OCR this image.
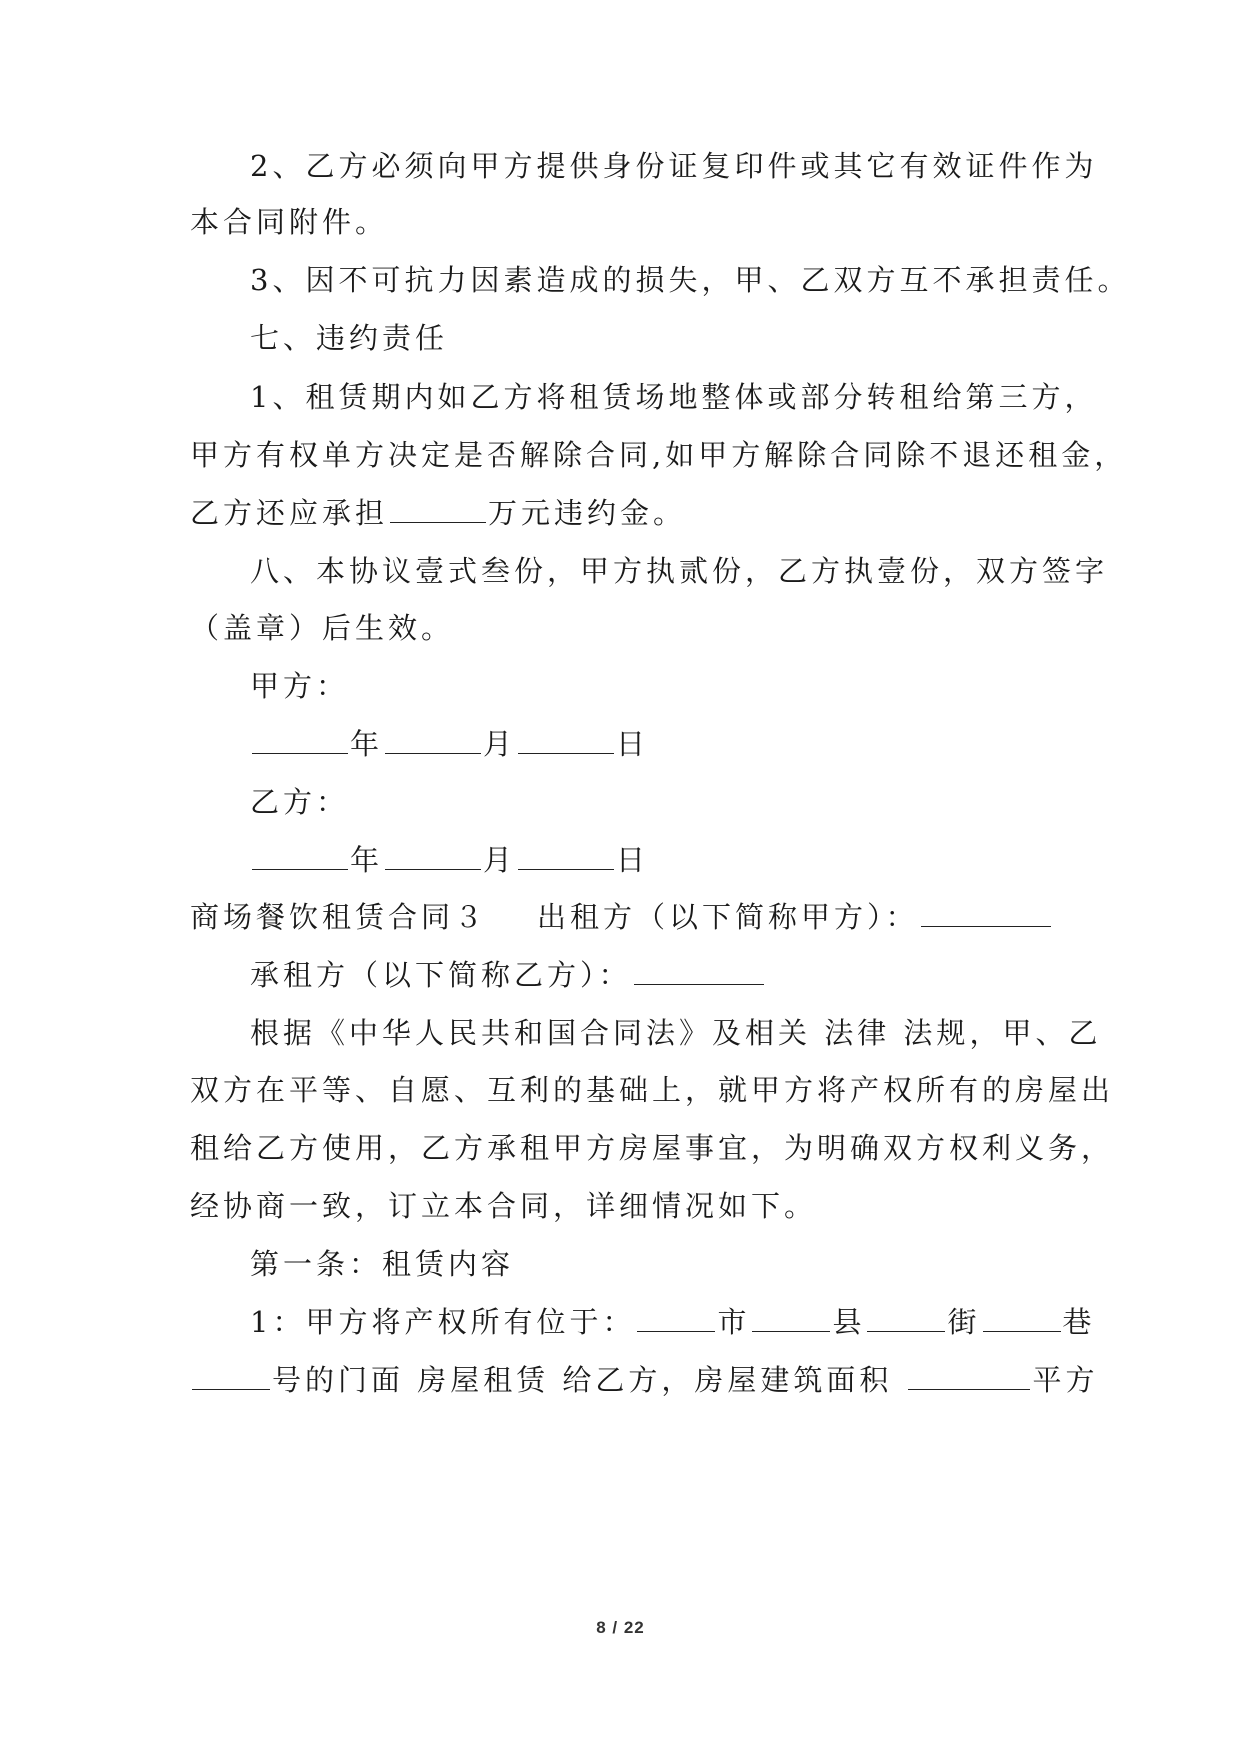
2、乙方必须向甲方提供身份证复印件或其它有效证件作为
本合同附件。
3、因不可抗力因素造成的损失，甲、乙双方互不承担责任。
七、违约责任
1、租赁期内如乙方将租赁场地整体或部分转租给第三方，
甲方有权单方决定是否解除合同,如甲方解除合同除不退还租金，
乙方还应承担	万元违约金。
八、本协议壹式叁份，甲方执贰份，乙方执壹份，双方签字
（盖章）后生效。
甲方：
年	月	日
乙方：
年	月	日
商场餐饮租赁合同３ 出租方（以下简称甲方）：
承租方（以下简称乙方）：
根据《中华人民共和国合同法》及相关 法律 法规，甲、乙
双方在平等、自愿、互利的基础上，就甲方将产权所有的房屋出
租给乙方使用，乙方承租甲方房屋事宜，为明确双方权利义务，
经协商一致，订立本合同，详细情况如下。
第一条：租赁内容
1：甲方将产权所有位于：	市	县	街	巷
号的门面 房屋租赁 给乙方，房屋建筑面积	平方
8 / 22
